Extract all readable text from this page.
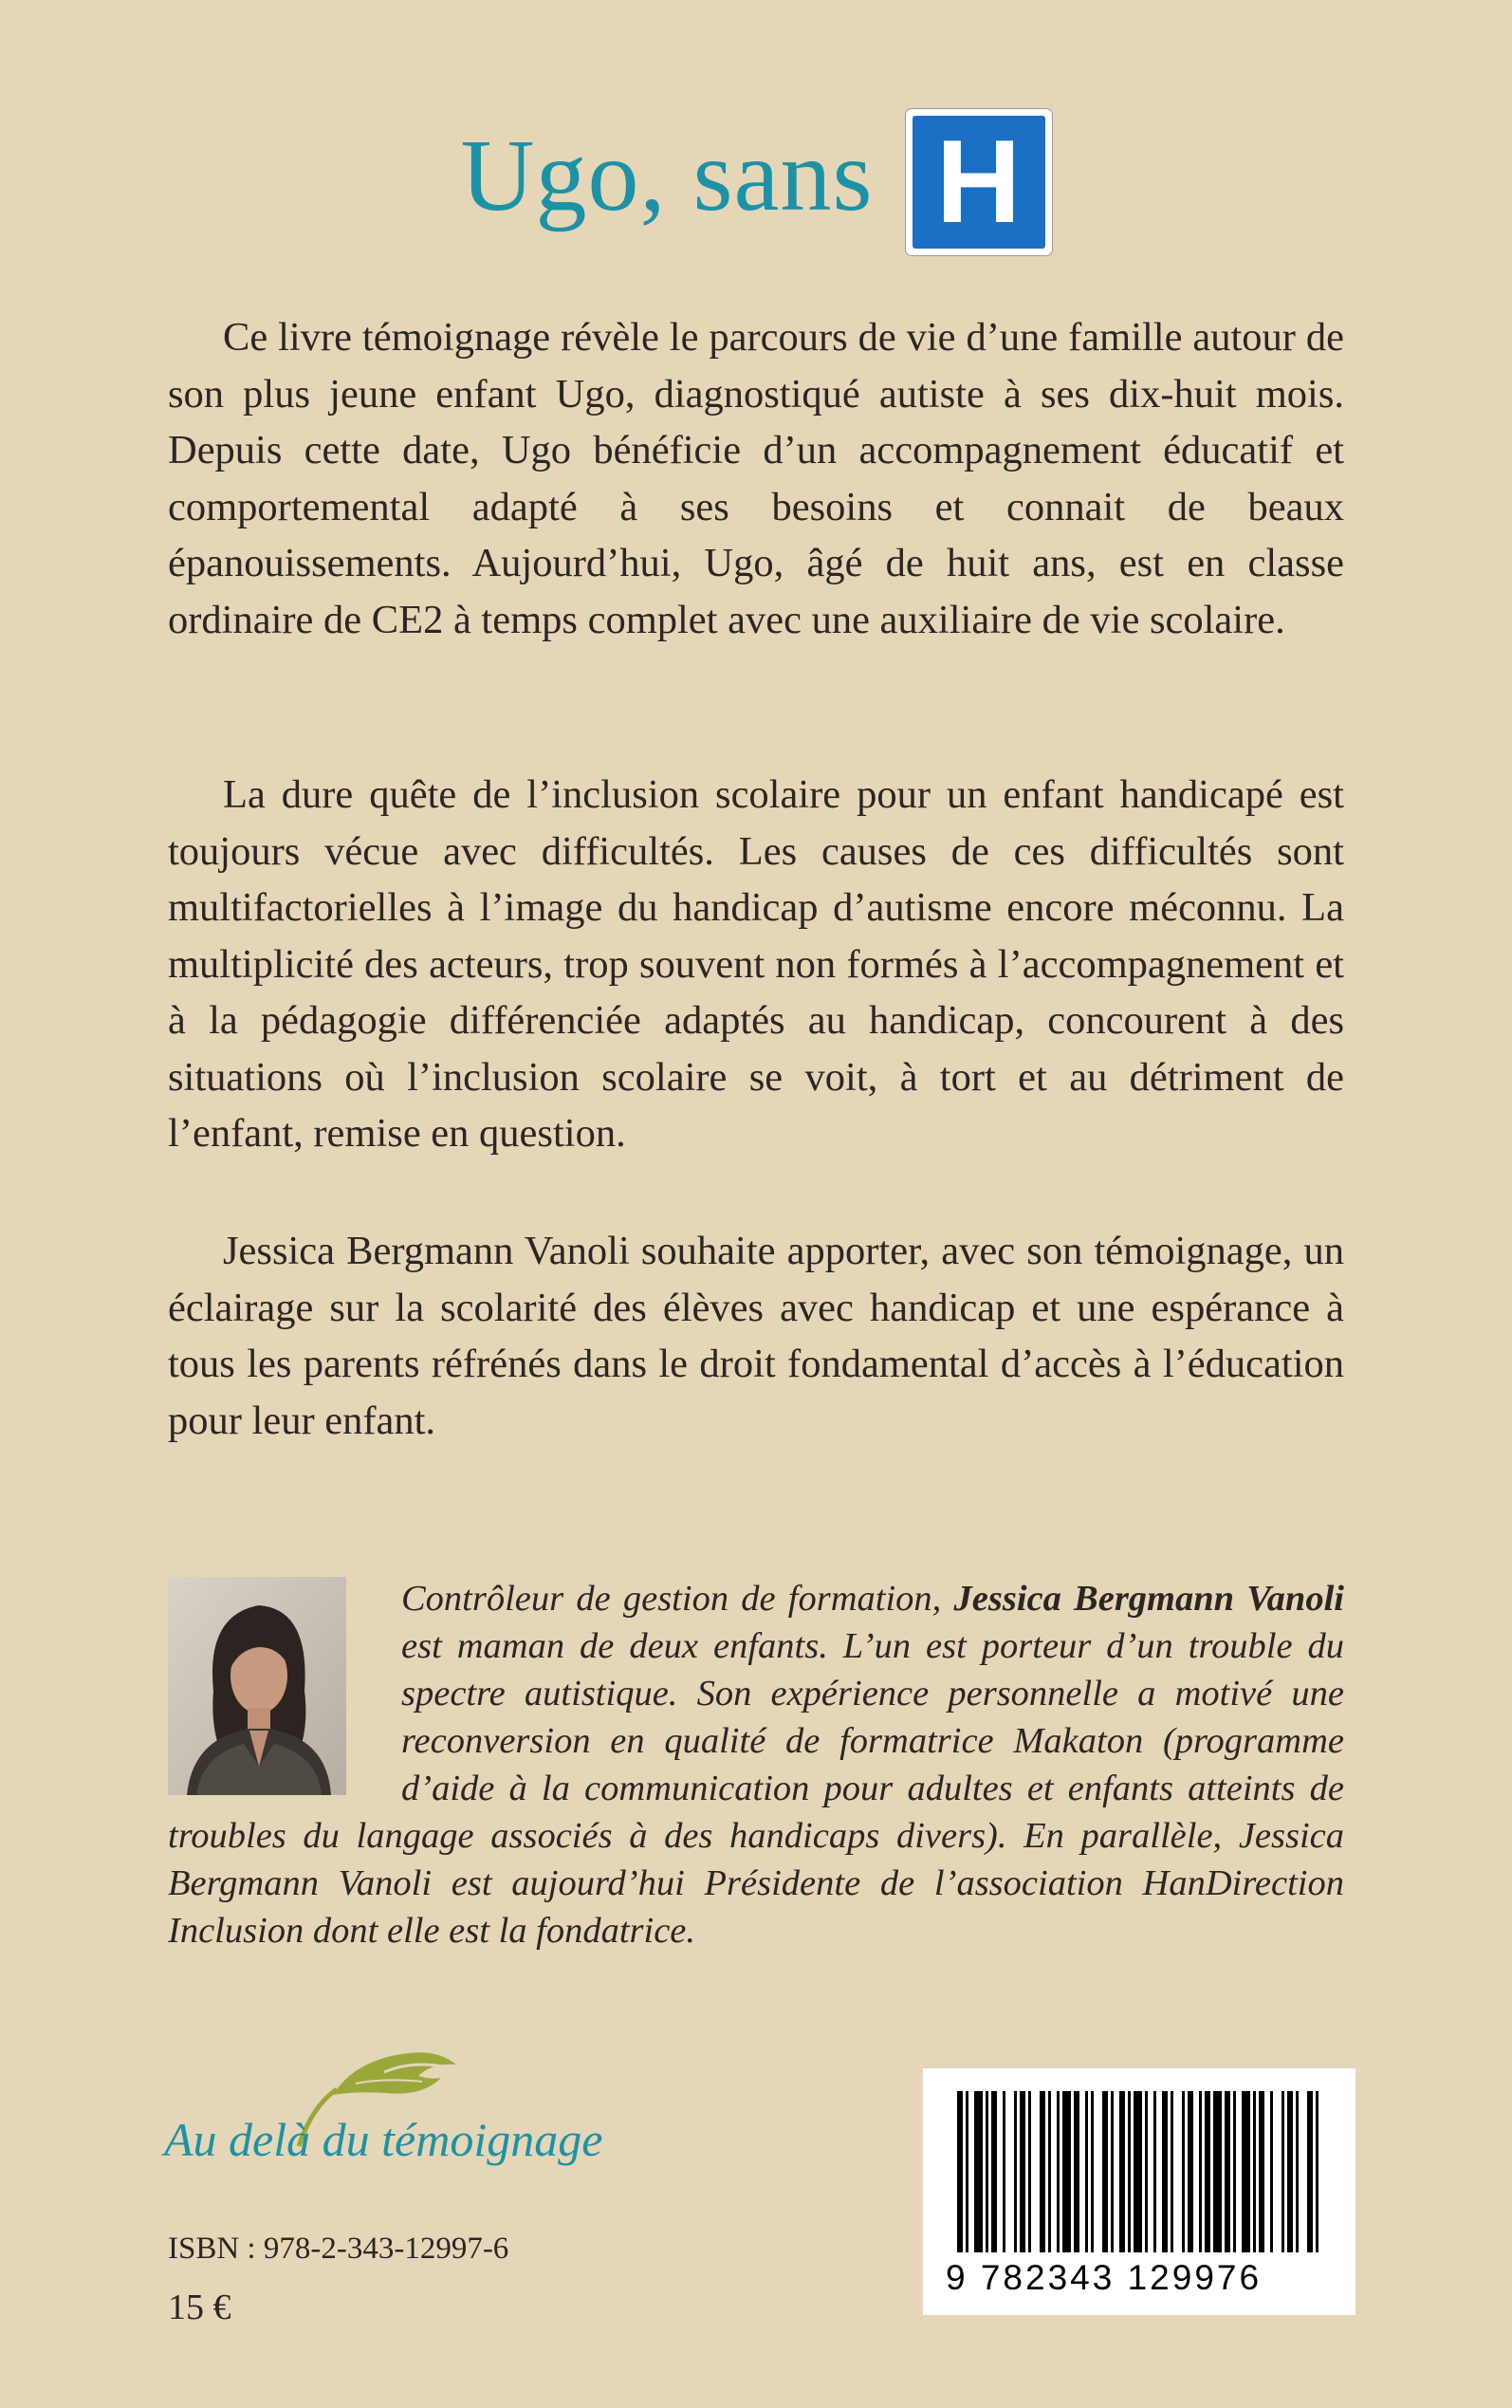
Ugo, sans H

Ce livre témoignage révèle le parcours de vie d’une famille autour de son plus jeune enfant Ugo, diagnostiqué autiste à ses dix-huit mois. Depuis cette date, Ugo bénéficie d’un accompagnement éducatif et comportemental adapté à ses besoins et connait de beaux épanouissements. Aujourd’hui, Ugo, âgé de huit ans, est en classe ordinaire de CE2 à temps complet avec une auxiliaire de vie scolaire.

La dure quête de l’inclusion scolaire pour un enfant handicapé est toujours vécue avec difficultés. Les causes de ces difficultés sont multifactorielles à l’image du handicap d’autisme encore méconnu. La multiplicité des acteurs, trop souvent non formés à l’accompagnement et à la pédagogie différenciée adaptés au handicap, concourent à des situations où l’inclusion scolaire se voit, à tort et au détriment de l’enfant, remise en question.

Jessica Bergmann Vanoli souhaite apporter, avec son témoignage, un éclairage sur la scolarité des élèves avec handicap et une espérance à tous les parents réfrénés dans le droit fondamental d’accès à l’éducation pour leur enfant.

Contrôleur de gestion de formation, Jessica Bergmann Vanoli est maman de deux enfants. L’un est porteur d’un trouble du spectre autistique. Son expérience personnelle a motivé une reconversion en qualité de formatrice Makaton (programme d’aide à la communication pour adultes et enfants atteints de troubles du langage associés à des handicaps divers). En parallèle, Jessica Bergmann Vanoli est aujourd’hui Présidente de l’association HanDirection Inclusion dont elle est la fondatrice.
Au delà du témoignage
ISBN : 978-2-343-12997-6
15 €
9 782343 129976
